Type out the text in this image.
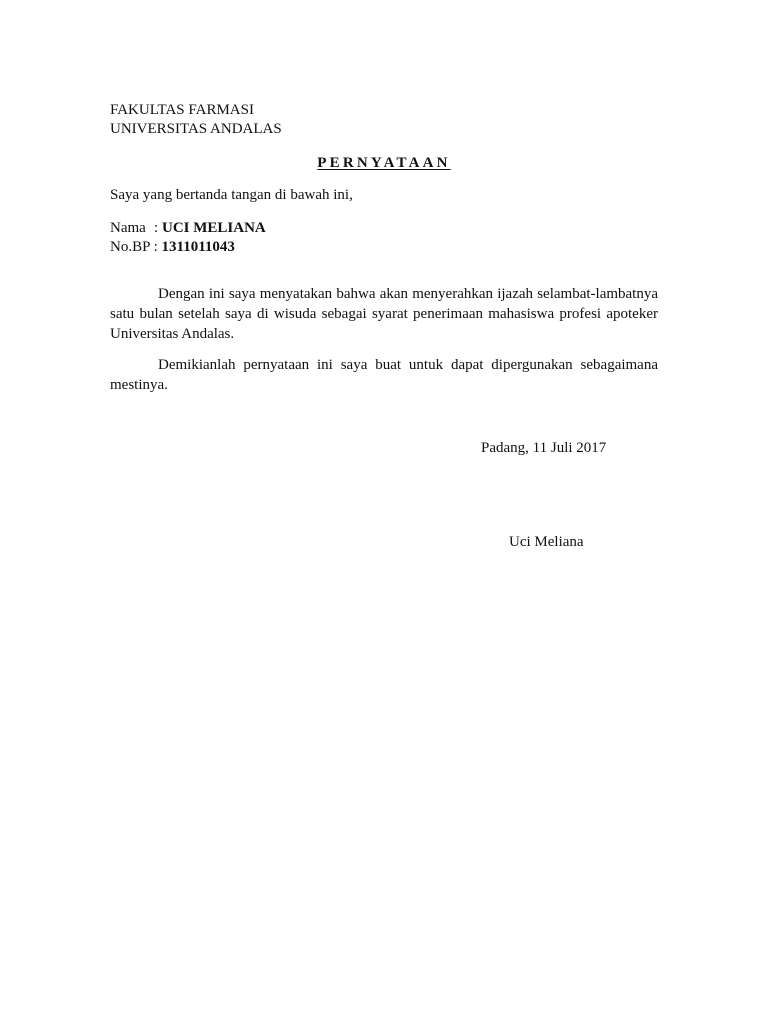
FAKULTAS FARMASI
UNIVERSITAS ANDALAS
PERNYATAAN
Saya yang bertanda tangan di bawah ini,
Nama : UCI MELIANA
No.BP : 1311011043

Dengan ini saya menyatakan bahwa akan menyerahkan ijazah selambat-lambatnya satu bulan setelah saya di wisuda sebagai syarat penerimaan mahasiswa profesi apoteker Universitas Andalas.

Demikianlah pernyataan ini saya buat untuk dapat dipergunakan sebagaimana mestinya.

Padang, 11 Juli 2017
Uci Meliana
